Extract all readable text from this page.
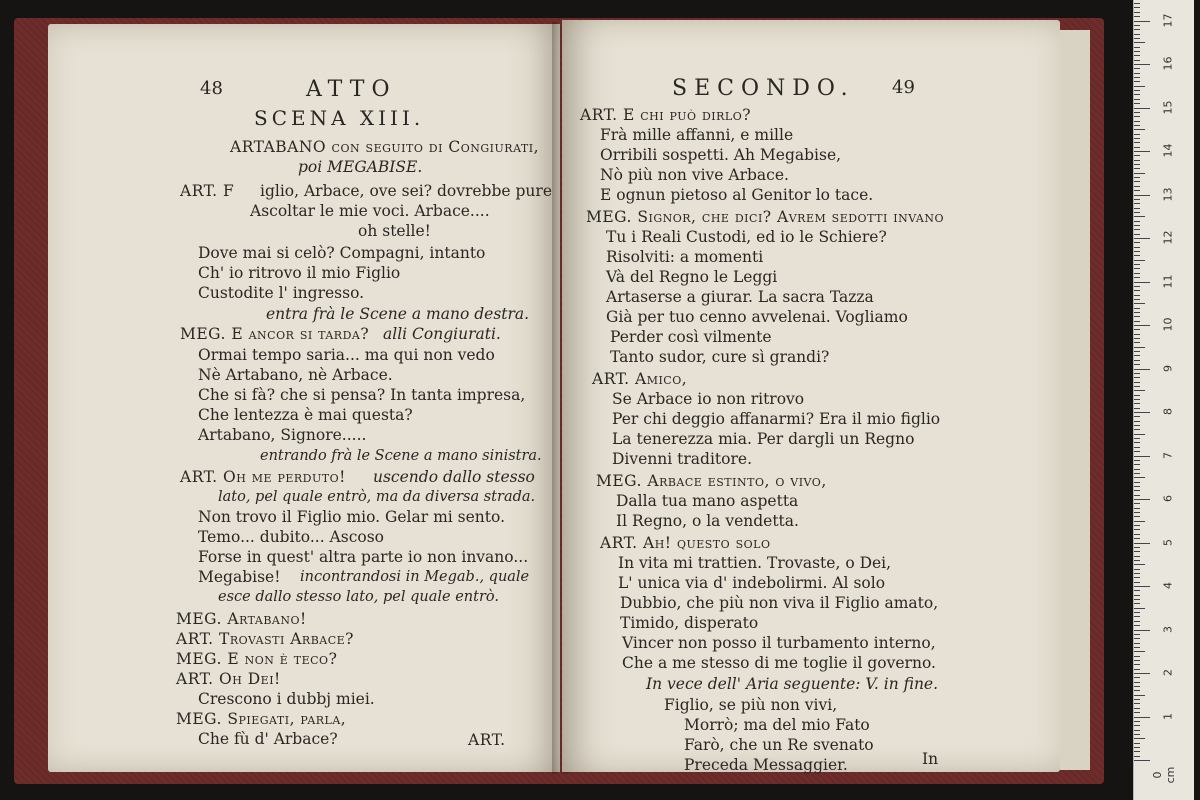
48	ATTO
SCENA XIII.
ARTABANO con seguito di Congiurati,
poi MEGABISE.
ART. F iglio, Arbace, ove sei? dovrebbe pure
Ascoltar le mie voci. Arbace....
oh stelle!
Dove mai si celò? Compagni, intanto
Ch' io ritrovo il mio Figlio
Custodite l' ingresso.
entra frà le Scene a mano destra.
MEG. E ancor si tarda? alli Congiurati.
Ormai tempo saria... ma qui non vedo
Nè Artabano, nè Arbace.
Che si fà? che si pensa? In tanta impresa,
Che lentezza è mai questa?
Artabano, Signore.....
entrando frà le Scene a mano sinistra.
ART. Oh me perduto! uscendo dallo stesso
lato, pel quale entrò, ma da diversa strada.
Non trovo il Figlio mio. Gelar mi sento.
Temo... dubito... Ascoso
Forse in quest' altra parte io non invano...
Megabise! incontrandosi in Megab., quale
esce dallo stesso lato, pel quale entrò.
MEG. Artabano!
ART. Trovasti Arbace?
MEG. E non è teco?
ART. Oh Dei!
Crescono i dubbj miei.
MEG. Spiegati, parla,
Che fù d' Arbace?	ART.
SECONDO. 49
ART. E chi può dirlo?
Frà mille affanni, e mille
Orribili sospetti. Ah Megabise,
Nò più non vive Arbace.
E ognun pietoso al Genitor lo tace.
MEG. Signor, che dici? Avrem sedotti invano
Tu i Reali Custodi, ed io le Schiere?
Risolviti: a momenti
Và del Regno le Leggi
Artaserse a giurar. La sacra Tazza
Già per tuo cenno avvelenai. Vogliamo
Perder così vilmente
Tanto sudor, cure sì grandi?
ART. Amico,
Se Arbace io non ritrovo
Per chi deggio affanarmi? Era il mio figlio
La tenerezza mia. Per dargli un Regno
Divenni traditore.
MEG. Arbace estinto, o vivo,
Dalla tua mano aspetta
Il Regno, o la vendetta.
ART. Ah! questo solo
In vita mi trattien. Trovaste, o Dei,
L' unica via d' indebolirmi. Al solo
Dubbio, che più non viva il Figlio amato,
Timido, disperato
Vincer non posso il turbamento interno,
Che a me stesso di me toglie il governo.
In vece dell' Aria seguente: V. in fine.
Figlio, se più non vivi,
Morrò; ma del mio Fato
Farò, che un Re svenato
Preceda Messaggier.	In
0 cm
1
2
3
4
5
6
7
8
9
10
11
12
13
14
15
16
17
